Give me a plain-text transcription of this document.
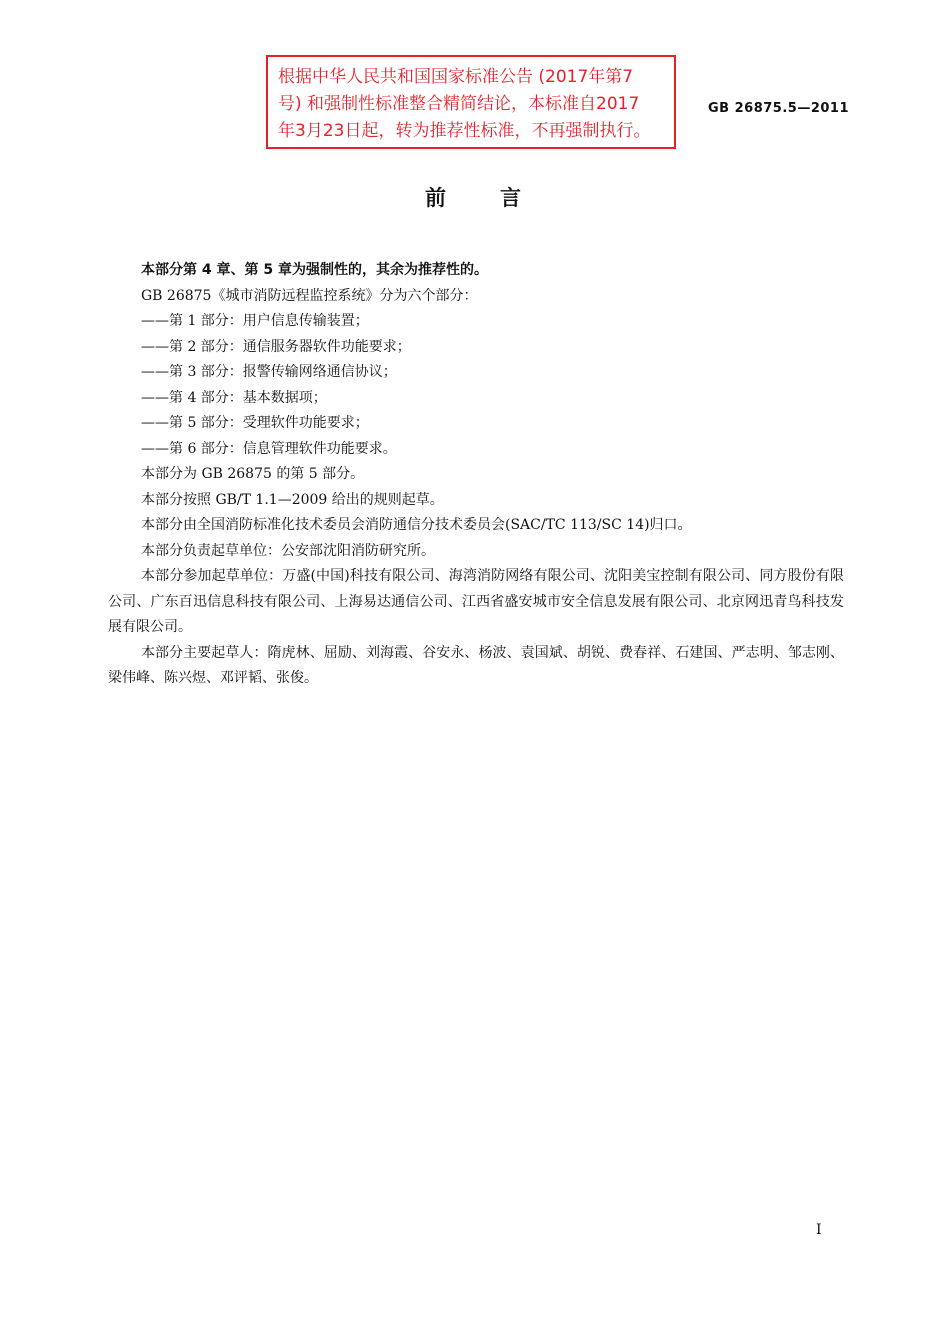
根据中华人民共和国国家标准公告 (2017年第7
号) 和强制性标准整合精简结论，本标准自2017
年3月23日起，转为推荐性标准，不再强制执行。
GB 26875.5—2011
前言

本部分第 4 章、第 5 章为强制性的，其余为推荐性的。

GB 26875《城市消防远程监控系统》分为六个部分：

——第 1 部分：用户信息传输装置；

——第 2 部分：通信服务器软件功能要求；

——第 3 部分：报警传输网络通信协议；

——第 4 部分：基本数据项；

——第 5 部分：受理软件功能要求；

——第 6 部分：信息管理软件功能要求。

本部分为 GB 26875 的第 5 部分。

本部分按照 GB/T 1.1—2009 给出的规则起草。

本部分由全国消防标准化技术委员会消防通信分技术委员会(SAC/TC 113/SC 14)归口。

本部分负责起草单位：公安部沈阳消防研究所。

本部分参加起草单位：万盛(中国)科技有限公司、海湾消防网络有限公司、沈阳美宝控制有限公司、同方股份有限公司、广东百迅信息科技有限公司、上海易达通信公司、江西省盛安城市安全信息发展有限公司、北京网迅青鸟科技发展有限公司。

本部分主要起草人：隋虎林、屈励、刘海霞、谷安永、杨波、袁国斌、胡锐、费春祥、石建国、严志明、邹志刚、梁伟峰、陈兴煜、邓评韬、张俊。

I
